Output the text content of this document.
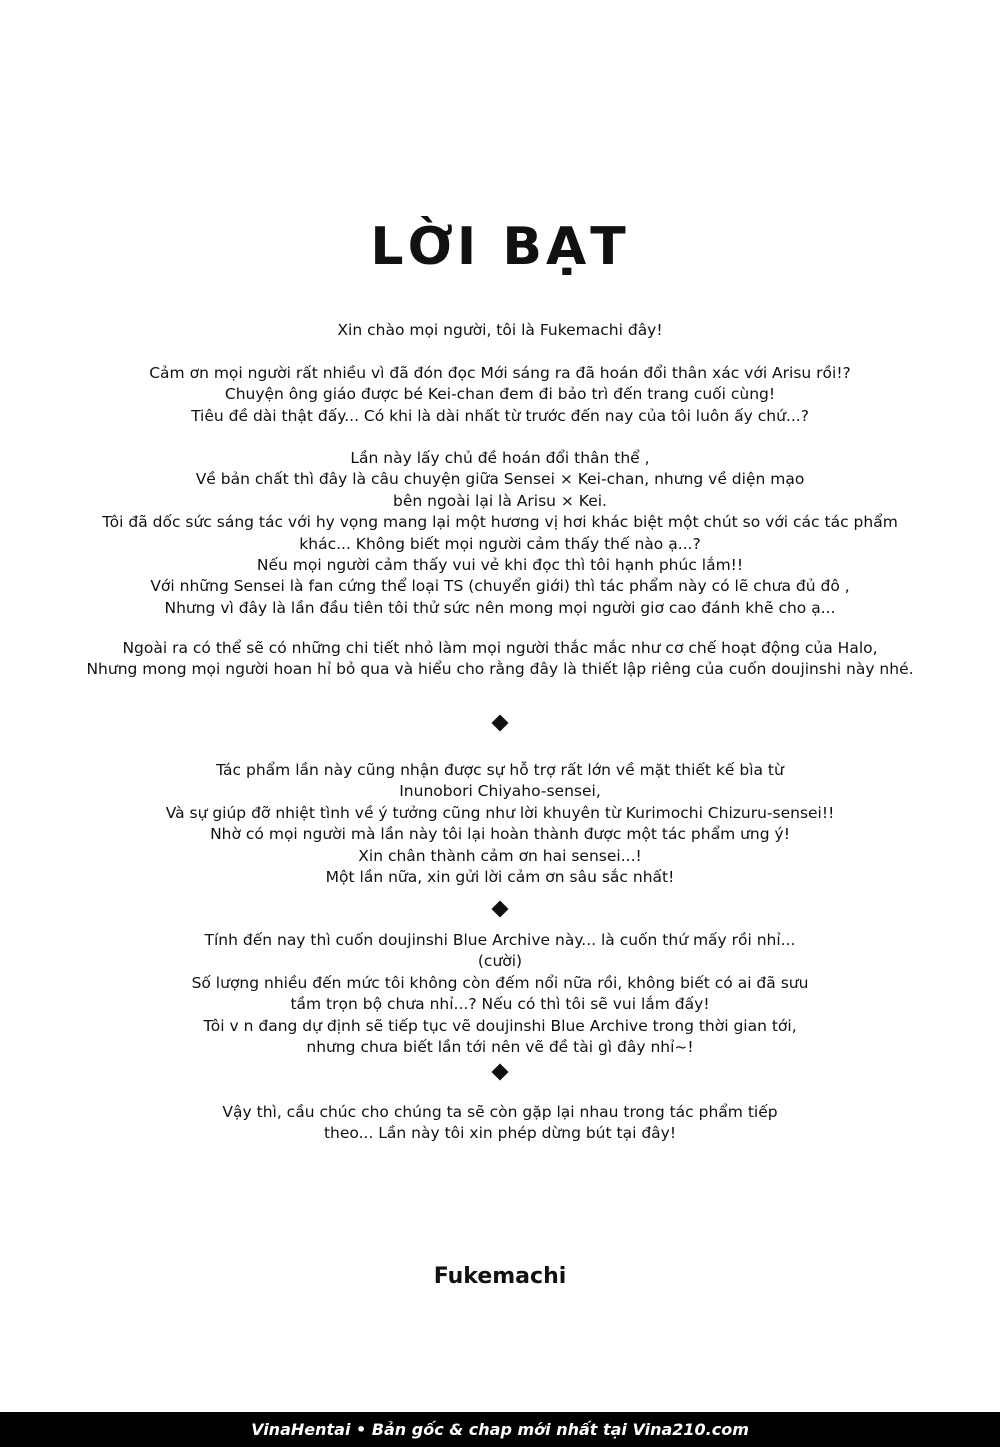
LỜI BẠT
Xin chào mọi người, tôi là Fukemachi đây!
Cảm ơn mọi người rất nhiều vì đã đón đọc Mới sáng ra đã hoán đổi thân xác với Arisu rồi!?
Chuyện ông giáo được bé Kei-chan đem đi bảo trì đến trang cuối cùng!
Tiêu đề dài thật đấy... Có khi là dài nhất từ trước đến nay của tôi luôn ấy chứ...?
Lần này lấy chủ đề hoán đổi thân thể ,
Về bản chất thì đây là câu chuyện giữa Sensei × Kei-chan, nhưng về diện mạo
bên ngoài lại là Arisu × Kei.
Tôi đã dốc sức sáng tác với hy vọng mang lại một hương vị hơi khác biệt một chút so với các tác phẩm
khác... Không biết mọi người cảm thấy thế nào ạ...?
Nếu mọi người cảm thấy vui vẻ khi đọc thì tôi hạnh phúc lắm!!
Với những Sensei là fan cứng thể loại TS (chuyển giới) thì tác phẩm này có lẽ chưa đủ đô ,
Nhưng vì đây là lần đầu tiên tôi thử sức nên mong mọi người giơ cao đánh khẽ cho ạ...
Ngoài ra có thể sẽ có những chi tiết nhỏ làm mọi người thắc mắc như cơ chế hoạt động của Halo,
Nhưng mong mọi người hoan hỉ bỏ qua và hiểu cho rằng đây là thiết lập riêng của cuốn doujinshi này nhé.
Tác phẩm lần này cũng nhận được sự hỗ trợ rất lớn về mặt thiết kế bìa từ
Inunobori Chiyaho-sensei,
Và sự giúp đỡ nhiệt tình về ý tưởng cũng như lời khuyên từ Kurimochi Chizuru-sensei!!
Nhờ có mọi người mà lần này tôi lại hoàn thành được một tác phẩm ưng ý!
Xin chân thành cảm ơn hai sensei...!
Một lần nữa, xin gửi lời cảm ơn sâu sắc nhất!
Tính đến nay thì cuốn doujinshi Blue Archive này... là cuốn thứ mấy rồi nhỉ...
(cười)
Số lượng nhiều đến mức tôi không còn đếm nổi nữa rồi, không biết có ai đã sưu
tầm trọn bộ chưa nhỉ...? Nếu có thì tôi sẽ vui lắm đấy!
Tôi v n đang dự định sẽ tiếp tục vẽ doujinshi Blue Archive trong thời gian tới,
nhưng chưa biết lần tới nên vẽ đề tài gì đây nhỉ~!
Vậy thì, cầu chúc cho chúng ta sẽ còn gặp lại nhau trong tác phẩm tiếp
theo... Lần này tôi xin phép dừng bút tại đây!
Fukemachi
VinaHentai • Bản gốc & chap mới nhất tại Vina210.com
